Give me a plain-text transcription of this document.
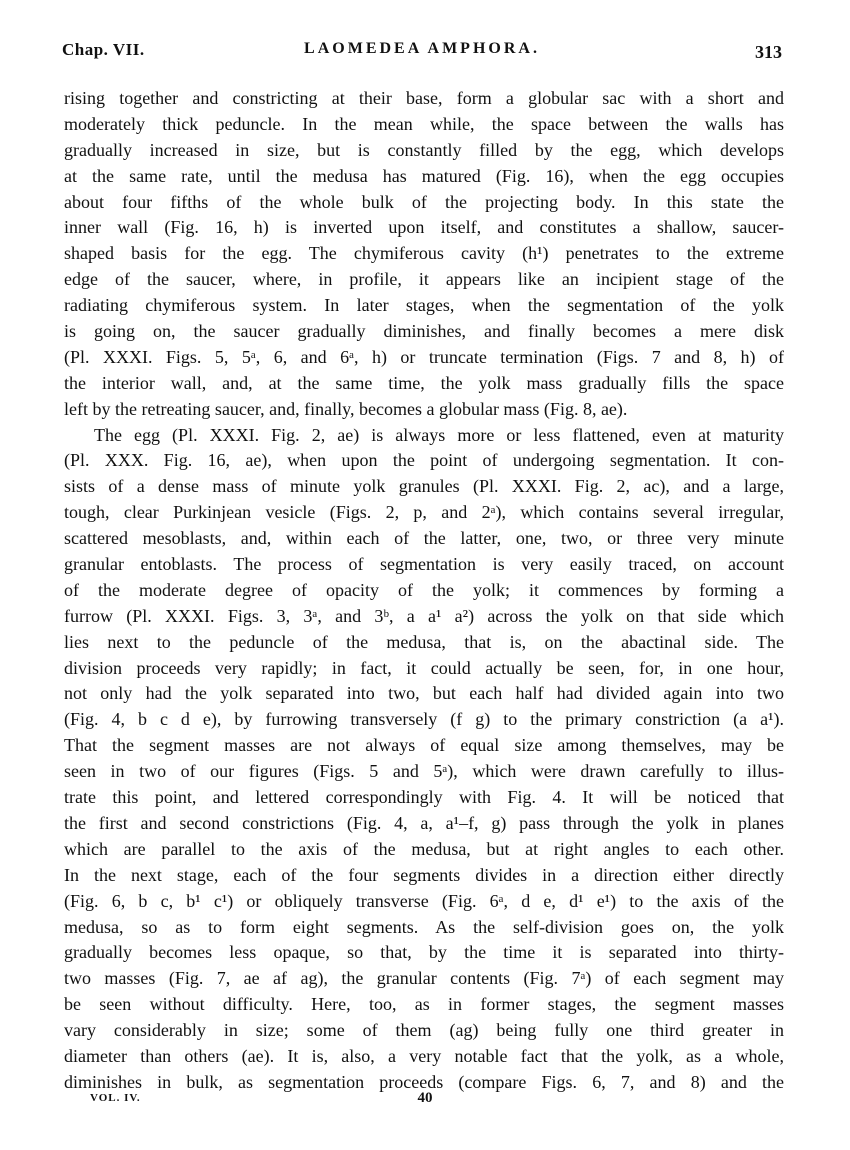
Chap. VII.	LAOMEDEA AMPHORA.	313
rising together and constricting at their base, form a globular sac with a short and
moderately thick peduncle. In the mean while, the space between the walls has
gradually increased in size, but is constantly filled by the egg, which develops
at the same rate, until the medusa has matured (Fig. 16), when the egg occupies
about four fifths of the whole bulk of the projecting body. In this state the
inner wall (Fig. 16, h) is inverted upon itself, and constitutes a shallow, saucer-
shaped basis for the egg. The chymiferous cavity (h¹) penetrates to the extreme
edge of the saucer, where, in profile, it appears like an incipient stage of the
radiating chymiferous system. In later stages, when the segmentation of the yolk
is going on, the saucer gradually diminishes, and finally becomes a mere disk
(Pl. XXXI. Figs. 5, 5ᵃ, 6, and 6ᵃ, h) or truncate termination (Figs. 7 and 8, h) of
the interior wall, and, at the same time, the yolk mass gradually fills the space
left by the retreating saucer, and, finally, becomes a globular mass (Fig. 8, ae).
The egg (Pl. XXXI. Fig. 2, ae) is always more or less flattened, even at maturity
(Pl. XXX. Fig. 16, ae), when upon the point of undergoing segmentation. It con-
sists of a dense mass of minute yolk granules (Pl. XXXI. Fig. 2, ac), and a large,
tough, clear Purkinjean vesicle (Figs. 2, p, and 2ᵃ), which contains several irregular,
scattered mesoblasts, and, within each of the latter, one, two, or three very minute
granular entoblasts. The process of segmentation is very easily traced, on account
of the moderate degree of opacity of the yolk; it commences by forming a
furrow (Pl. XXXI. Figs. 3, 3ᵃ, and 3ᵇ, a a¹ a²) across the yolk on that side which
lies next to the peduncle of the medusa, that is, on the abactinal side. The
division proceeds very rapidly; in fact, it could actually be seen, for, in one hour,
not only had the yolk separated into two, but each half had divided again into two
(Fig. 4, b c d e), by furrowing transversely (f g) to the primary constriction (a a¹).
That the segment masses are not always of equal size among themselves, may be
seen in two of our figures (Figs. 5 and 5ᵃ), which were drawn carefully to illus-
trate this point, and lettered correspondingly with Fig. 4. It will be noticed that
the first and second constrictions (Fig. 4, a, a¹–f, g) pass through the yolk in planes
which are parallel to the axis of the medusa, but at right angles to each other.
In the next stage, each of the four segments divides in a direction either directly
(Fig. 6, b c, b¹ c¹) or obliquely transverse (Fig. 6ᵃ, d e, d¹ e¹) to the axis of the
medusa, so as to form eight segments. As the self-division goes on, the yolk
gradually becomes less opaque, so that, by the time it is separated into thirty-
two masses (Fig. 7, ae af ag), the granular contents (Fig. 7ᵃ) of each segment may
be seen without difficulty. Here, too, as in former stages, the segment masses
vary considerably in size; some of them (ag) being fully one third greater in
diameter than others (ae). It is, also, a very notable fact that the yolk, as a whole,
diminishes in bulk, as segmentation proceeds (compare Figs. 6, 7, and 8) and the
VOL. IV.	40
